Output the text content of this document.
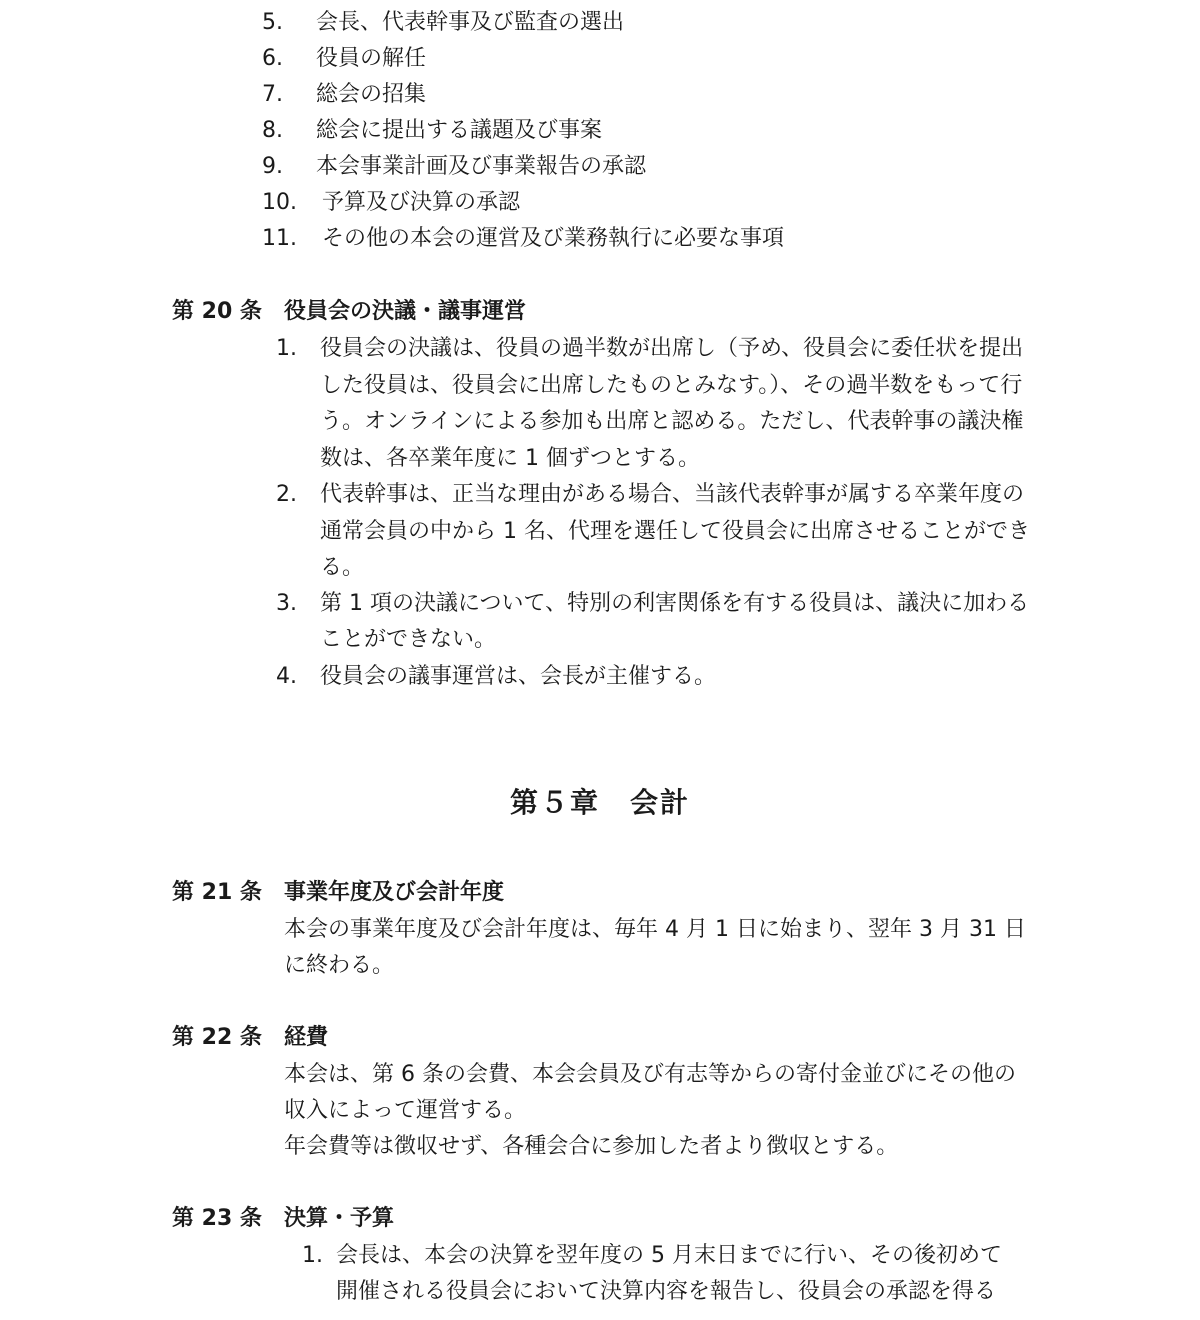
5. 会長、代表幹事及び監査の選出
6. 役員の解任
7. 総会の招集
8. 総会に提出する議題及び事案
9. 本会事業計画及び事業報告の承認
10. 予算及び決算の承認
11. その他の本会の運営及び業務執行に必要な事項
第 20 条 役員会の決議・議事運営
1. 役員会の決議は、役員の過半数が出席し（予め、役員会に委任状を提出
した役員は、役員会に出席したものとみなす。）、その過半数をもって行
う。オンラインによる参加も出席と認める。ただし、代表幹事の議決権
数は、各卒業年度に 1 個ずつとする。
2. 代表幹事は、正当な理由がある場合、当該代表幹事が属する卒業年度の
通常会員の中から 1 名、代理を選任して役員会に出席させることができ
る。
3. 第 1 項の決議について、特別の利害関係を有する役員は、議決に加わる
ことができない。
4. 役員会の議事運営は、会長が主催する。
第５章　会計
第 21 条 事業年度及び会計年度
本会の事業年度及び会計年度は、毎年 4 月 1 日に始まり、翌年 3 月 31 日
に終わる。
第 22 条 経費
本会は、第 6 条の会費、本会会員及び有志等からの寄付金並びにその他の
収入によって運営する。
年会費等は徴収せず、各種会合に参加した者より徴収とする。
第 23 条 決算・予算
1. 会長は、本会の決算を翌年度の 5 月末日までに行い、その後初めて
開催される役員会において決算内容を報告し、役員会の承認を得る
